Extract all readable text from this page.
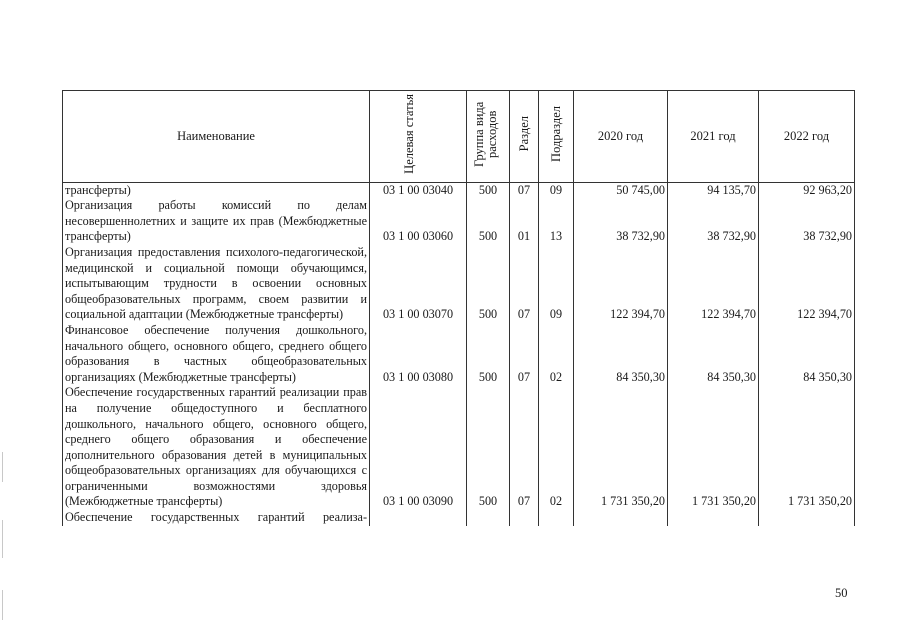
Наименование	Целевая статья	Группа вида расходов	Раздел	Подраздел	2020 год	2021 год	2022 год
трансферты)	03 1 00 03040	500	07	09	50 745,00	94 135,70	92 963,20
Организация работы комиссий по делам несовершеннолетних и защите их прав (Межбюджетные трансферты)	03 1 00 03060	500	01	13	38 732,90	38 732,90	38 732,90
Организация предоставления психолого-педагогической, медицинской и социальной помощи обучающимся, испытывающим трудности в освоении основных общеобразовательных программ, своем развитии и социальной адаптации (Межбюджетные трансферты)	03 1 00 03070	500	07	09	122 394,70	122 394,70	122 394,70
Финансовое обеспечение получения дошкольного, начального общего, основного общего, среднего общего образования в частных общеобразовательных организациях (Межбюджетные трансферты)	03 1 00 03080	500	07	02	84 350,30	84 350,30	84 350,30
Обеспечение государственных гарантий реализации прав на получение общедоступного и бесплатного дошкольного, начального общего, основного общего, среднего общего образования и обеспечение дополнительного образования детей в муниципальных общеобразовательных организациях для обучающихся с ограниченными возможностями здоровья (Межбюджетные трансферты)	03 1 00 03090	500	07	02	1 731 350,20	1 731 350,20	1 731 350,20
Обеспечение государственных гарантий реализа-							
50
